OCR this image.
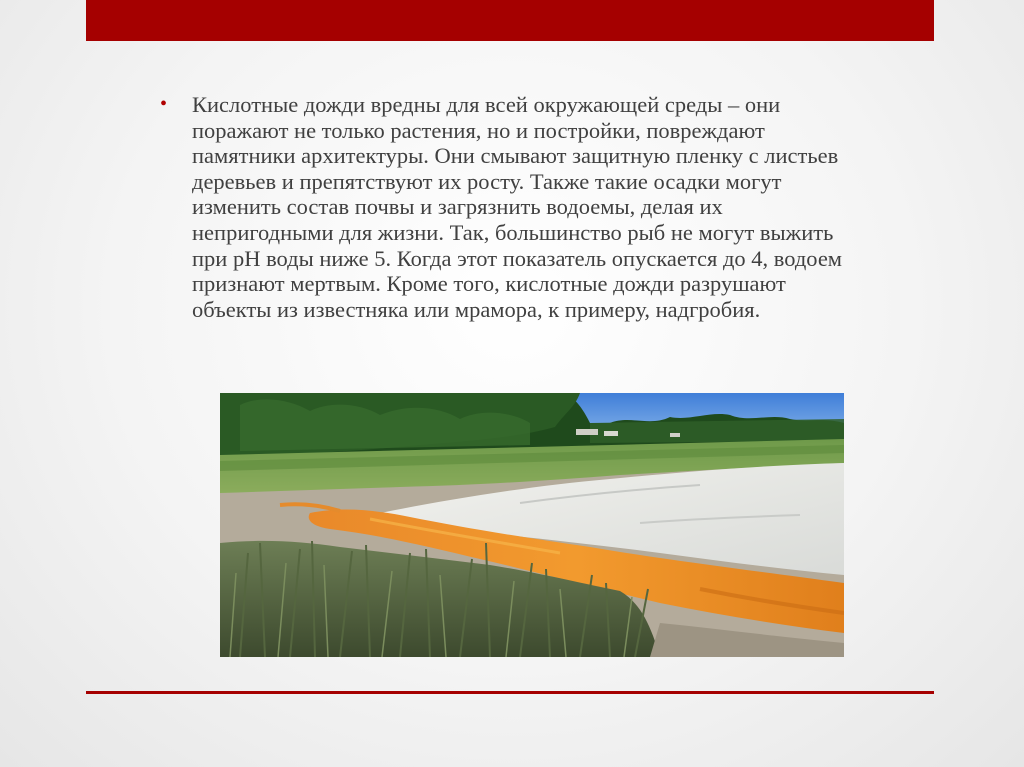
• Кислотные дожди вредны для всей окружающей среды – они поражают не только растения, но и постройки, повреждают памятники архитектуры. Они смывают защитную пленку с листьев деревьев и препятствуют их росту. Также такие осадки могут изменить состав почвы и загрязнить водоемы, делая их непригодными для жизни. Так, большинство рыб не могут выжить при pH воды ниже 5. Когда этот показатель опускается до 4, водоем признают мертвым. Кроме того, кислотные дожди разрушают объекты из известняка или мрамора, к примеру, надгробия.
